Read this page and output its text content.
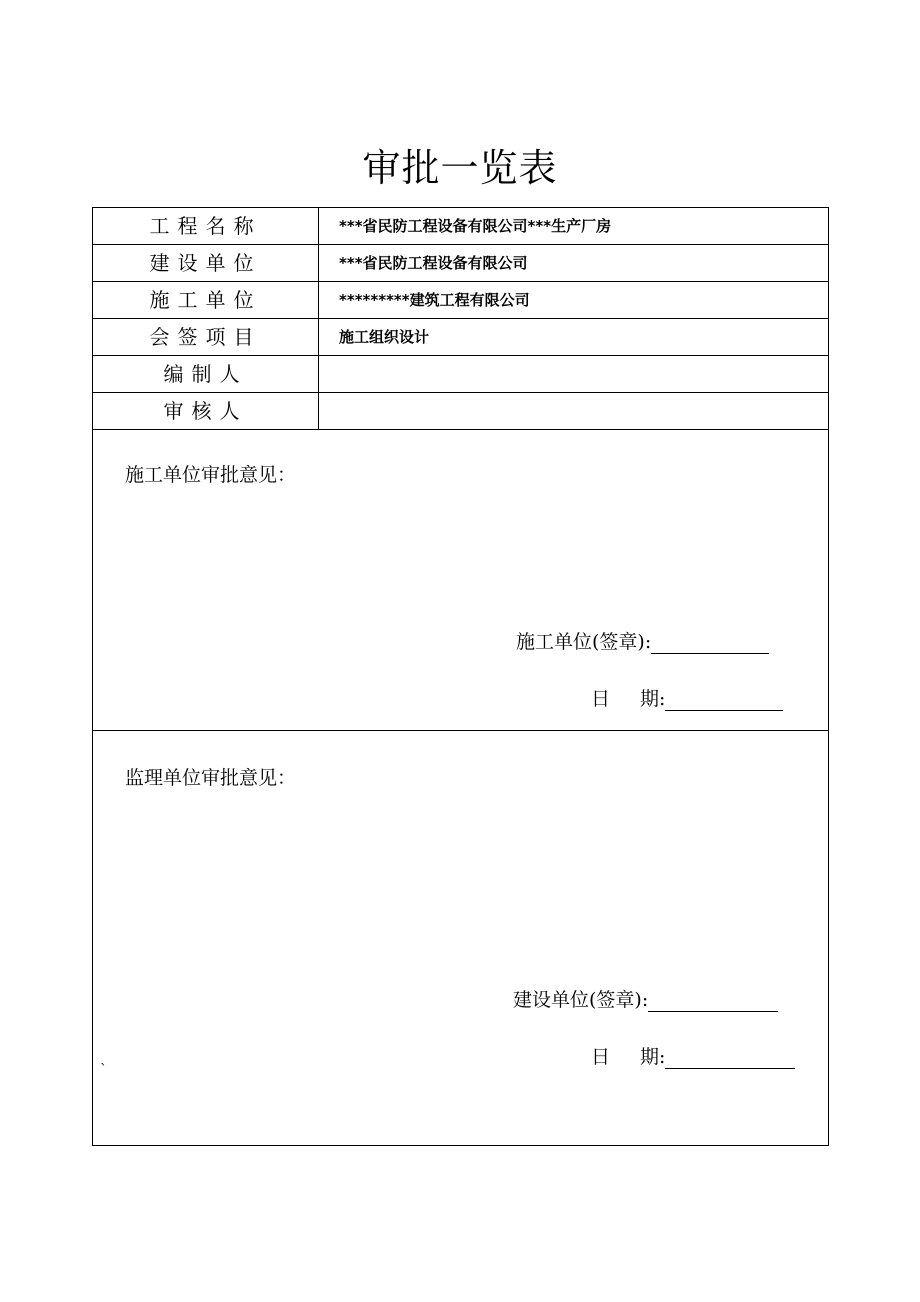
审批一览表
工程名称	***省民防工程设备有限公司***生产厂房
建设单位	***省民防工程设备有限公司
施工单位	*********建筑工程有限公司
会签项目	施工组织设计
编制人
审核人
施工单位审批意见：
施工单位(签章):
日 期:
监理单位审批意见：
建设单位(签章):
日 期:
`
